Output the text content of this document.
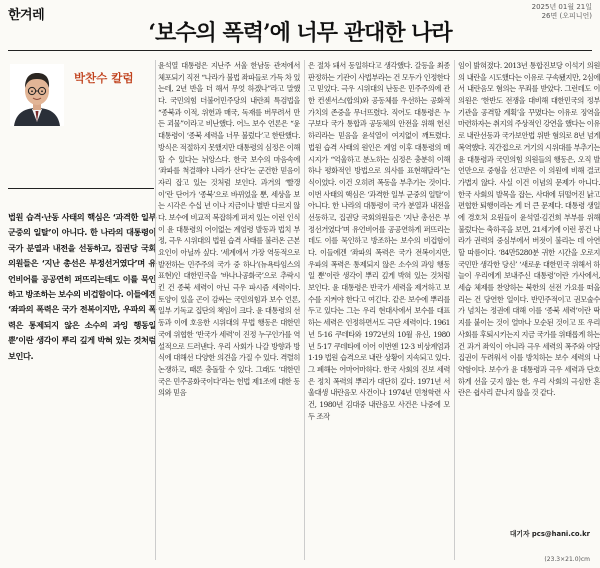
한겨레
2025년 01월 21일
26면 (오피니언)
‘보수의 폭력’에 너무 관대한 나라
박찬수 칼럼
법원 습격·난동 사태의 핵심은 ‘과격한 일부 군중의 일탈’이 아니다. 한 나라의 대통령이 국가 분열과 내전을 선동하고, 집권당 국회의원들은 ‘지난 총선은 부정선거였다’며 유언비어를 공공연히 퍼뜨리는데도 이를 묵인하고 방조하는 보수의 비겁함이다. 이들에겐 ‘좌파의 폭력은 국가 전복이지만, 우파의 폭력은 통제되지 않은 소수의 과잉 행동일 뿐’이란 생각이 뿌리 깊게 박혀 있는 것처럼 보인다.

윤석열 대통령은 지난주 서울 한남동 관저에서 체포되기 직전 “나라가 불법 좌파들로 가득 차 있는데, 2년 반을 더 해서 무엇 하겠나”라고 말했다. 국민의힘 더불어민주당의 내란죄 특검법을 “종북과 이적, 위헌과 매국, 독재를 버무려서 만든 괴물”이라고 비난했다. 어느 보수 언론은 “윤 대통령이 ‘종북 세력을 너무 불렀다’고 한탄했다. 방식은 적절하지 못했지만 대통령의 심정은 이해할 수 있다는 뉘앙스다. 한국 보수의 마음속에 ‘좌파를 척결해야 나라가 산다’는 군건한 믿음이 자리 잡고 있는 것처럼 보인다. 과거의 ‘빨갱이’란 단어가 ‘종북’으로 바뀌었을 뿐, 세상을 보는 시각은 수십 년 이나 지금이나 별반 다르지 않다. 보수에 비교적 복잡하게 퍼져 있는 이런 인식이 윤 대통령의 어이없는 계엄령 발동과 법치 부정, 극우 시위대의 법원 습격 사태를 불러온 근본 요인이 아닐까 싶다. ‘세계에서 가장 역동적으로 발전하는 민주주의 국가 중 하나’(뉴욕타임스의 표현)인 대한민국을 ‘바나나공화국’으로 추락시킨 건 종북 세력이 아닌 극우 파시즘 세력이다. 토양이 있을 곤이 감싸는 국민의힘과 보수 언론, 일부 기독교 집단의 책임이 크다. 윤 대통령의 선동과 이에 호응한 시위대의 무법 행동은 대한민국에 위협한 ‘반국가 세력’이 진정 누구인가를 역설적으로 드러낸다. 우리 사회가 나갈 방향과 방식에 대해선 다양한 의견을 가질 수 있다. 격렬히 논쟁하고, 때론 충돌할 수 있다. 그래도 ‘대한민국은 민주공화국이다’라는 헌법 제1조에 대한 동의와 믿음

은 절차 돼서 동일하다고 생각했다. 갈등을 최종 판정하는 기관이 사법부라는 건 모두가 인정한다고 믿었다. 극우 시위대의 난동은 민주주의에 관한 컨센서스(합의)와 공동체를 우선하는 공화적 가치의 존중을 무너뜨렸다. 직어도 대통령은 누구보다 국가 통합과 공동체의 안전을 위해 헌신하리라는 믿음을 윤석열이 여지없이 깨트렸다. 법원 습격 사태의 원인은 계엄 이후 대통령의 메시지가 “억울하고 분노하는 심정은 충분히 이해하나 평화적인 방법으로 의사를 표현해달라”는 식이었다. 이건 오히려 폭동을 부추기는 것이다. 이번 사태의 핵심은 ‘과격한 일부 군중의 일탈’이 아니다. 한 나라의 대통령이 국가 분열과 내전을 선동하고, 집권당 국회의원들은 ‘지난 총선은 부정선거였다’며 유언비어를 공공연하게 퍼뜨리는데도 이를 묵인하고 방조하는 보수의 비겁함이다. 이들에겐 ‘좌파의 폭력은 국가 전복이지만, 우파의 폭력은 통제되지 않은 소수의 과잉 행동일 뿐’이란 생각이 뿌리 깊게 박혀 있는 것처럼 보인다. 윤 대통령은 반국가 세력을 제거하고 보수를 지켜야 한다고 여긴다. 같은 보수에 뿌리를 두고 있다는 그는 우리 현대사에서 보수를 대표하는 세력은 인정하면서도 극단 세력이다. 1961년 5·16 쿠데타와 1972년의 10월 유신, 1980년 5·17 쿠데타에 이어 이번엔 12·3 비상계엄과 1·19 법원 습격으로 내란 상황이 지속되고 있다. 그 폐해는 어마어마하다. 한국 사회의 진보 세력은 정치 폭력의 뿌리가 대단히 깊다. 1971년 서울대생 내란음모 사건이나 1974년 민청학련 사건, 1980년 김대중 내란음모 사건은 나중에 모두 조작

임이 밝혀졌다. 2013년 통합진보당 이석기 의원의 내란을 시도했다는 이유로 구속됐지만, 2심에서 내란음모 혐의는 무죄를 받았다. 그런데도 이 의원은 ‘한반도 전쟁을 대비해 대한민국의 정부 기관을 공격할 계획’을 꾸몄다는 이유로 징역을 마련하자는 취지의 주상적인 강연을 했다는 이유로 내란선동과 국가보안법 위반 혐의로 8년 넘게 복역했다. 직간접으로 거기의 시위대를 부추기는 윤 대통령과 국민의힘 의원들의 행동은, 오직 발언만으로 중형을 선고받은 이 의원에 비해 결코 가볍지 않다. 사실 이건 이념의 문제가 아니다. 한국 사회의 발목을 잡는, 사대에 뒤떨어진 낡고 편협한 퇴행이라는 게 더 큰 문제다. 대통령 생일에 경호처 요원들이 윤석열·김건희 부부를 위해 불렀다는 축하곡을 보면, 21세기에 이런 봉건 나라가 권력의 중심부에서 버젓이 불리는 데 아연할 따름이다. ‘84만5280분 귀한 시간을 오로지 국민만 생각한 당신’ ‘새로운 대한민국 위해서 하늘이 우리에게 보내주신 대통령’이란 가사에서, 세습 체제를 찬양하는 북한의 선전 가요를 떠올리는 건 당연한 일이다. 반민주적이고 권모술수가 넘치는 정권에 대해 이를 ‘종북 세력’이란 딱지를 붙이는 것이 얼마나 모순된 것이고 또 우리 사회를 후퇴시키는지 지금 국가를 위태롭게 하는 건 과거 좌익이 아니라 극우 세력의 폭주와 야당 집권이 두려워서 이를 방치하는 보수 세력의 나약함이다. 보수가 윤 대통령과 극우 세력과 단호하게 선을 긋지 않는 한, 우리 사회의 극심한 혼란은 쉽사리 끝나지 않을 것 같다.

대기자 pcs@hani.co.kr
(23.3×21.0)cm
